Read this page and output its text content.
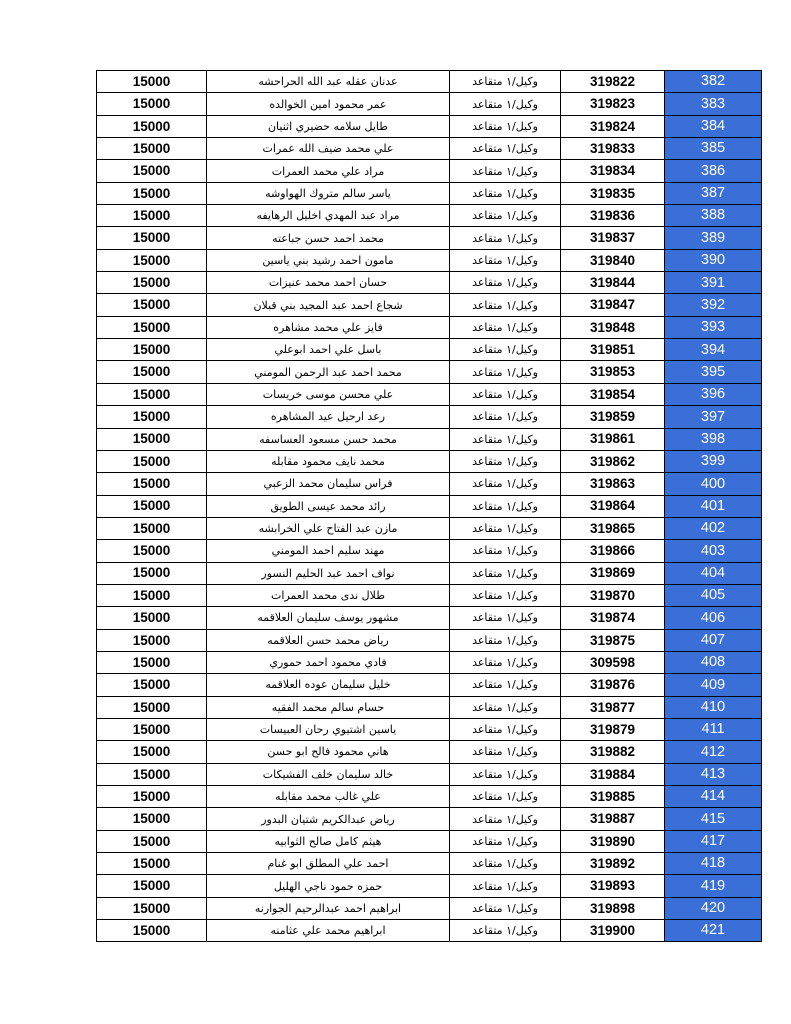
15000	عدنان عقله عبد الله الحراحشه	وكيل/١ متقاعد	319822	382
15000	عمر محمود امين الخوالده	وكيل/١ متقاعد	319823	383
15000	طايل سلامه حضيري اثنيان	وكيل/١ متقاعد	319824	384
15000	علي محمد ضيف الله عمرات	وكيل/١ متقاعد	319833	385
15000	مراد علي محمد العمرات	وكيل/١ متقاعد	319834	386
15000	ياسر سالم متروك الهواوشه	وكيل/١ متقاعد	319835	387
15000	مراد عبد المهدي اخليل الرهايفه	وكيل/١ متقاعد	319836	388
15000	محمد احمد حسن جباعته	وكيل/١ متقاعد	319837	389
15000	مامون احمد رشيد بني ياسين	وكيل/١ متقاعد	319840	390
15000	حسان احمد محمد عنيزات	وكيل/١ متقاعد	319844	391
15000	شجاع احمد عبد المجيد بني قبلان	وكيل/١ متقاعد	319847	392
15000	فايز علي محمد مشاهره	وكيل/١ متقاعد	319848	393
15000	باسل علي احمد ابوعلي	وكيل/١ متقاعد	319851	394
15000	محمد احمد عبد الرحمن المومني	وكيل/١ متقاعد	319853	395
15000	علي محسن موسى خريسات	وكيل/١ متقاعد	319854	396
15000	رعد ارحيل عيد المشاهره	وكيل/١ متقاعد	319859	397
15000	محمد حسن مسعود العساسفه	وكيل/١ متقاعد	319861	398
15000	محمد نايف محمود مقابله	وكيل/١ متقاعد	319862	399
15000	فراس سليمان محمد الزعبي	وكيل/١ متقاعد	319863	400
15000	رائد محمد عيسى الطويق	وكيل/١ متقاعد	319864	401
15000	مازن عبد الفتاح علي الخرابشه	وكيل/١ متقاعد	319865	402
15000	مهند سليم احمد المومني	وكيل/١ متقاعد	319866	403
15000	نواف احمد عبد الحليم النسور	وكيل/١ متقاعد	319869	404
15000	طلال ندى محمد العمرات	وكيل/١ متقاعد	319870	405
15000	مشهور يوسف سليمان العلاقمه	وكيل/١ متقاعد	319874	406
15000	رياض محمد حسن العلاقمه	وكيل/١ متقاعد	319875	407
15000	فادي محمود احمد حموري	وكيل/١ متقاعد	309598	408
15000	خليل سليمان عوده العلاقمه	وكيل/١ متقاعد	319876	409
15000	حسام سالم محمد الفقيه	وكيل/١ متقاعد	319877	410
15000	ياسين اشتيوي رحان العبيسات	وكيل/١ متقاعد	319879	411
15000	هاني محمود فالح ابو حسن	وكيل/١ متقاعد	319882	412
15000	خالد سليمان خلف الفشيكات	وكيل/١ متقاعد	319884	413
15000	علي غالب محمد مقابله	وكيل/١ متقاعد	319885	414
15000	رياض عبدالكريم شتيان البدور	وكيل/١ متقاعد	319887	415
15000	هيثم كامل صالح الثوابيه	وكيل/١ متقاعد	319890	417
15000	احمد علي المطلق ابو غنام	وكيل/١ متقاعد	319892	418
15000	حمزه حمود ناجي الهليل	وكيل/١ متقاعد	319893	419
15000	ابراهيم احمد عبدالرحيم الجوارنه	وكيل/١ متقاعد	319898	420
15000	ابراهيم محمد علي عثامنه	وكيل/١ متقاعد	319900	421
